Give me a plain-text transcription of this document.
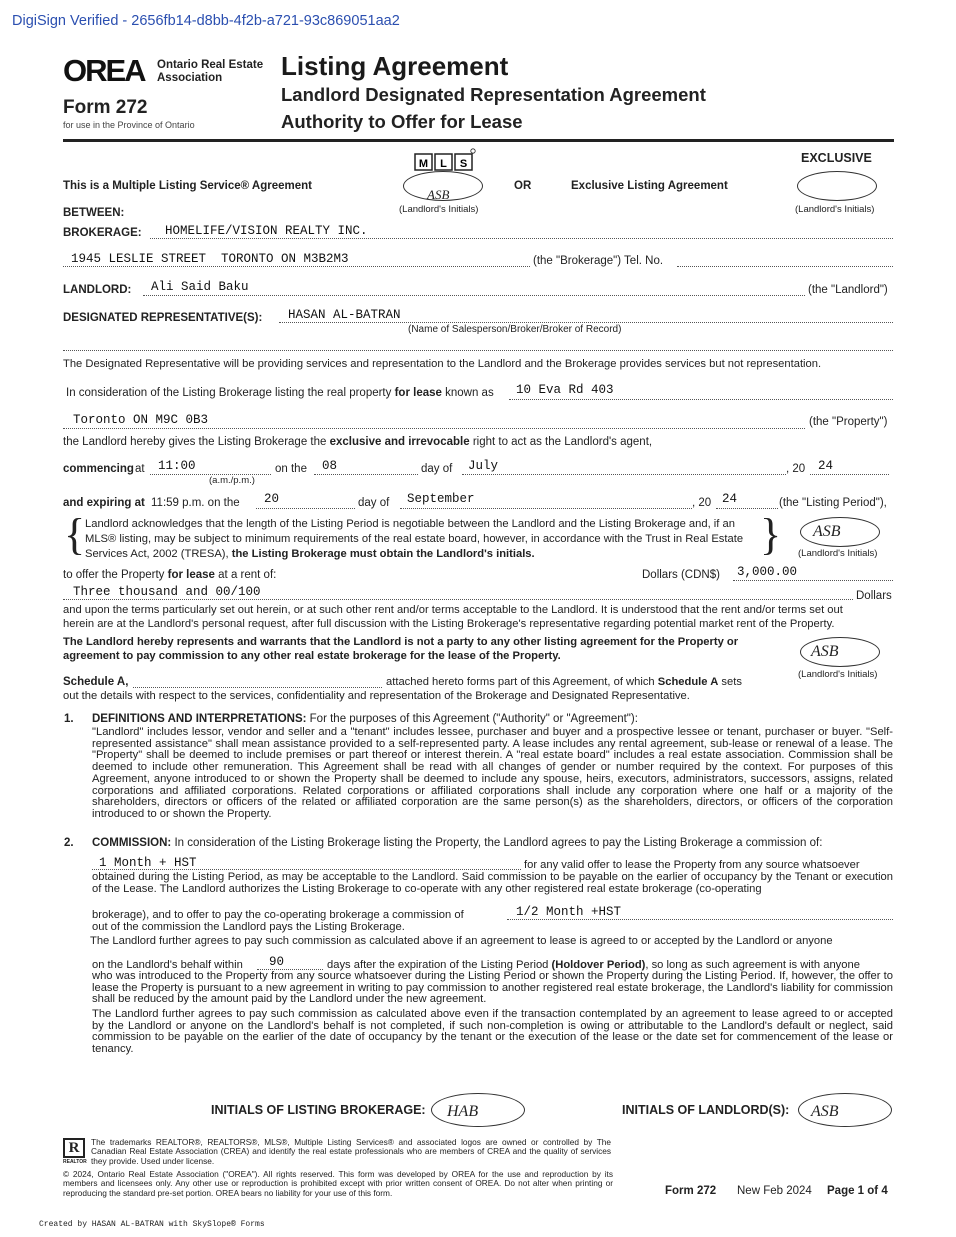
DigiSign Verified - 2656fb14-d8bb-4f2b-a721-93c869051aa2
OREA Ontario Real Estate
Association
Form 272
for use in the Province of Ontario
Listing Agreement
Landlord Designated Representation Agreement
Authority to Offer for Lease
M L S	EXCLUSIVE
This is a Multiple Listing Service® Agreement
ASB
OR	Exclusive Listing Agreement
(Landlord's Initials)	(Landlord's Initials)
BETWEEN:
BROKERAGE: HOMELIFE/VISION REALTY INC.
1945 LESLIE STREET  TORONTO ON M3B2M3	(the "Brokerage") Tel. No.
LANDLORD: Ali Said Baku	(the "Landlord")
DESIGNATED REPRESENTATIVE(S): HASAN AL-BATRAN
(Name of Salesperson/Broker/Broker of Record)
The Designated Representative will be providing services and representation to the Landlord and the Brokerage provides services but not representation.
In consideration of the Listing Brokerage listing the real property for lease known as 10 Eva Rd 403
Toronto ON M9C 0B3	(the "Property")
the Landlord hereby gives the Listing Brokerage the exclusive and irrevocable right to act as the Landlord's agent,
commencing at 11:00
(a.m./p.m.)
on the 08	day of July	, 20 24
and expiring at 11:59 p.m. on the 20	day of September	, 20 24	(the "Listing Period"),
{ Landlord acknowledges that the length of the Listing Period is negotiable between the Landlord and the Listing Brokerage and, if an
MLS® listing, may be subject to minimum requirements of the real estate board, however, in accordance with the Trust in Real Estate
Services Act, 2002 (TRESA), the Listing Brokerage must obtain the Landlord's initials.	} ASB
(Landlord's Initials)
to offer the Property for lease at a rent of:	Dollars (CDN$) 3,000.00
Three thousand and 00/100	Dollars
and upon the terms particularly set out herein, or at such other rent and/or terms acceptable to the Landlord. It is understood that the rent and/or terms set out
herein are at the Landlord's personal request, after full discussion with the Listing Brokerage's representative regarding potential market rent of the Property.
The Landlord hereby represents and warrants that the Landlord is not a party to any other listing agreement for the Property or
agreement to pay commission to any other real estate brokerage for the lease of the Property.	ASB
(Landlord's Initials)
Schedule A,	attached hereto forms part of this Agreement, of which Schedule A sets
out the details with respect to the services, confidentiality and representation of the Brokerage and Designated Representative.
1. DEFINITIONS AND INTERPRETATIONS: For the purposes of this Agreement ("Authority" or "Agreement"):
"Landlord" includes lessor, vendor and seller and a "tenant" includes lessee, purchaser and buyer and a prospective lessee or tenant, purchaser or buyer. "Self-represented assistance" shall mean assistance provided to a self-represented party. A lease includes any rental agreement, sub-lease or renewal of a lease. The "Property" shall be deemed to include premises or part thereof or interest therein. A "real estate board" includes a real estate association. Commission shall be deemed to include other remuneration. This Agreement shall be read with all changes of gender or number required by the context. For purposes of this Agreement, anyone introduced to or shown the Property shall be deemed to include any spouse, heirs, executors, administrators, successors, assigns, related corporations and affiliated corporations. Related corporations or affiliated corporations shall include any corporation where one half or a majority of the shareholders, directors or officers of the related or affiliated corporation are the same person(s) as the shareholders, directors, or officers of the corporation introduced to or shown the Property.
2. COMMISSION: In consideration of the Listing Brokerage listing the Property, the Landlord agrees to pay the Listing Brokerage a commission of:
1 Month + HST	for any valid offer to lease the Property from any source whatsoever
obtained during the Listing Period, as may be acceptable to the Landlord. Said commission to be payable on the earlier of occupancy by the Tenant or execution of the Lease. The Landlord authorizes the Listing Brokerage to co-operate with any other registered real estate brokerage (co-operating
brokerage), and to offer to pay the co-operating brokerage a commission of	1/2 Month +HST
out of the commission the Landlord pays the Listing Brokerage.
The Landlord further agrees to pay such commission as calculated above if an agreement to lease is agreed to or accepted by the Landlord or anyone
on the Landlord's behalf within 90	days after the expiration of the Listing Period (Holdover Period), so long as such agreement is with anyone
who was introduced to the Property from any source whatsoever during the Listing Period or shown the Property during the Listing Period. If, however, the offer to lease the Property is pursuant to a new agreement in writing to pay commission to another registered real estate brokerage, the Landlord's liability for commission shall be reduced by the amount paid by the Landlord under the new agreement.
The Landlord further agrees to pay such commission as calculated above even if the transaction contemplated by an agreement to lease agreed to or accepted by the Landlord or anyone on the Landlord's behalf is not completed, if such non-completion is owing or attributable to the Landlord's default or neglect, said commission to be payable on the earlier of the date of occupancy by the tenant or the execution of the lease or the date set for commencement of the lease or tenancy.
INITIALS OF LISTING BROKERAGE: HAB	INITIALS OF LANDLORD(S): ASB
R
REALTOR
The trademarks REALTOR®, REALTORS®, MLS®, Multiple Listing Services® and associated logos are owned or controlled by The Canadian Real Estate Association (CREA) and identify the real estate professionals who are members of CREA and the quality of services they provide. Used under license.
© 2024, Ontario Real Estate Association ("OREA"). All rights reserved. This form was developed by OREA for the use and reproduction by its members and licensees only. Any other use or reproduction is prohibited except with prior written consent of OREA. Do not alter when printing or reproducing the standard pre-set portion. OREA bears no liability for your use of this form.	Form 272 New Feb 2024 Page 1 of 4
Created by HASAN AL-BATRAN with SkySlope® Forms
